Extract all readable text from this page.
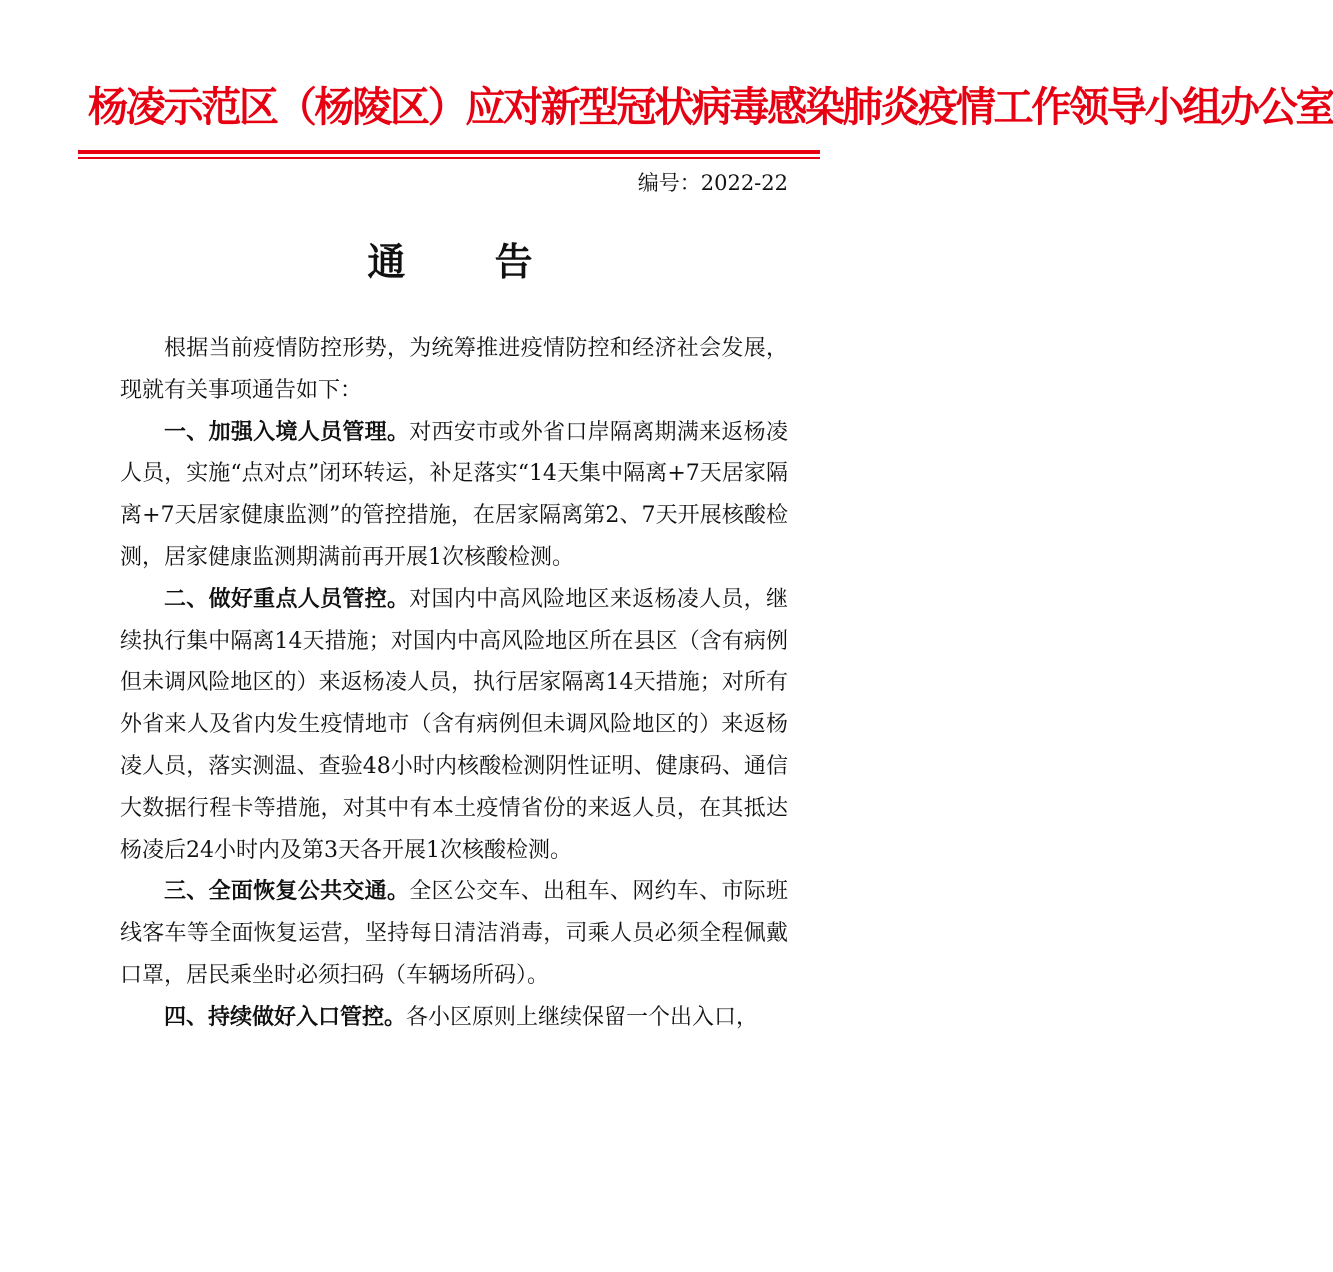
杨凌示范区（杨陵区）应对新型冠状病毒感染肺炎疫情工作领导小组办公室
编号：2022-22
通 告

根据当前疫情防控形势，为统筹推进疫情防控和经济社会发展，现就有关事项通告如下：

一、加强入境人员管理。对西安市或外省口岸隔离期满来返杨凌人员，实施“点对点”闭环转运，补足落实“14天集中隔离+7天居家隔离+7天居家健康监测”的管控措施，在居家隔离第2、7天开展核酸检测，居家健康监测期满前再开展1次核酸检测。

二、做好重点人员管控。对国内中高风险地区来返杨凌人员，继续执行集中隔离14天措施；对国内中高风险地区所在县区（含有病例但未调风险地区的）来返杨凌人员，执行居家隔离14天措施；对所有外省来人及省内发生疫情地市（含有病例但未调风险地区的）来返杨凌人员，落实测温、查验48小时内核酸检测阴性证明、健康码、通信大数据行程卡等措施，对其中有本土疫情省份的来返人员，在其抵达杨凌后24小时内及第3天各开展1次核酸检测。

三、全面恢复公共交通。全区公交车、出租车、网约车、市际班线客车等全面恢复运营，坚持每日清洁消毒，司乘人员必须全程佩戴口罩，居民乘坐时必须扫码（车辆场所码）。

四、持续做好入口管控。各小区原则上继续保留一个出入口，
